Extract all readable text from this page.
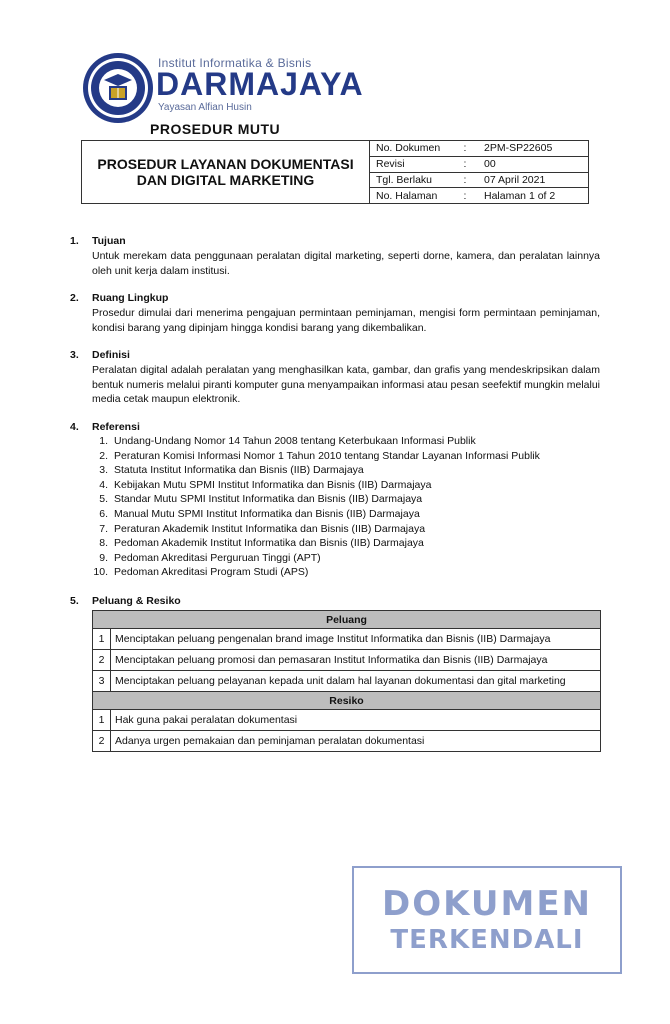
Institut Informatika & Bisnis
DARMAJAYA
Yayasan Alfian Husin
PROSEDUR MUTU
PROSEDUR LAYANAN DOKUMENTASI DAN DIGITAL MARKETING
No. Dokumen	:	2PM-SP22605
Revisi	:	00
Tgl. Berlaku	:	07 April 2021
No. Halaman	:	Halaman 1 of 2
1.	Tujuan
Untuk merekam data penggunaan peralatan digital marketing, seperti dorne, kamera, dan peralatan lainnya oleh unit kerja dalam institusi.
2.	Ruang Lingkup
Prosedur dimulai dari menerima pengajuan permintaan peminjaman, mengisi form permintaan peminjaman, kondisi barang yang dipinjam hingga kondisi barang yang dikembalikan.
3.	Definisi
Peralatan digital adalah peralatan yang menghasilkan kata, gambar, dan grafis yang mendeskripsikan dalam bentuk numeris melalui piranti komputer guna menyampaikan informasi atau pesan seefektif mungkin melalui media cetak maupun elektronik.
4.	Referensi
1. Undang-Undang Nomor 14 Tahun 2008 tentang Keterbukaan Informasi Publik
2. Peraturan Komisi Informasi Nomor 1 Tahun 2010 tentang Standar Layanan Informasi Publik
3. Statuta Institut Informatika dan Bisnis (IIB) Darmajaya
4. Kebijakan Mutu SPMI Institut Informatika dan Bisnis (IIB) Darmajaya
5. Standar Mutu SPMI Institut Informatika dan Bisnis (IIB) Darmajaya
6. Manual Mutu SPMI Institut Informatika dan Bisnis (IIB) Darmajaya
7. Peraturan Akademik Institut Informatika dan Bisnis (IIB) Darmajaya
8. Pedoman Akademik Institut Informatika dan Bisnis (IIB) Darmajaya
9. Pedoman Akreditasi Perguruan Tinggi (APT)
10. Pedoman Akreditasi Program Studi (APS)
5.	Peluang & Resiko
Peluang	
1	Menciptakan peluang pengenalan brand image Institut Informatika dan Bisnis (IIB) Darmajaya
2	Menciptakan peluang promosi dan pemasaran Institut Informatika dan Bisnis (IIB) Darmajaya
3	Menciptakan peluang pelayanan kepada unit dalam hal layanan dokumentasi dan gital marketing
Resiko	
1	Hak guna pakai peralatan dokumentasi
2	Adanya urgen pemakaian dan peminjaman peralatan dokumentasi
DOKUMEN
TERKENDALI
